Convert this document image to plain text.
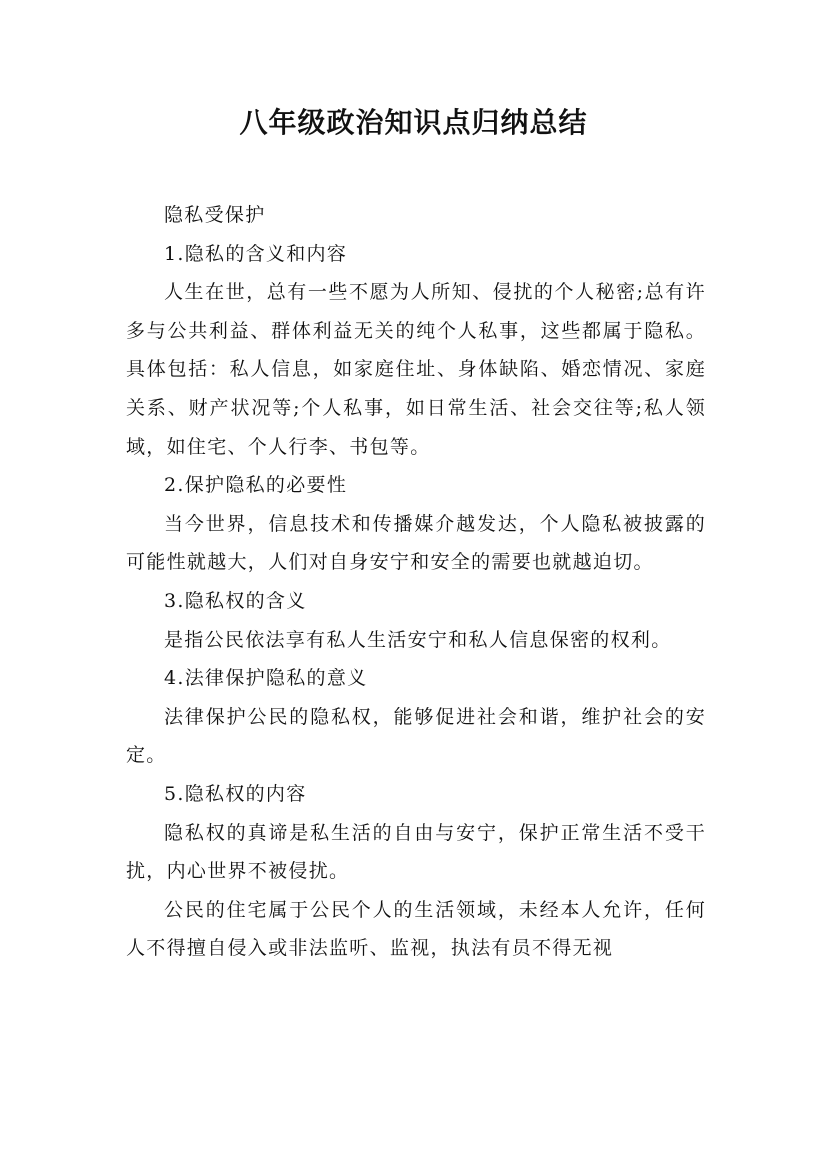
八年级政治知识点归纳总结

隐私受保护

1.隐私的含义和内容

人生在世，总有一些不愿为人所知、侵扰的个人秘密;总有许多与公共利益、群体利益无关的纯个人私事，这些都属于隐私。具体包括：私人信息，如家庭住址、身体缺陷、婚恋情况、家庭关系、财产状况等;个人私事，如日常生活、社会交往等;私人领域，如住宅、个人行李、书包等。

2.保护隐私的必要性

当今世界，信息技术和传播媒介越发达，个人隐私被披露的可能性就越大，人们对自身安宁和安全的需要也就越迫切。

3.隐私权的含义

是指公民依法享有私人生活安宁和私人信息保密的权利。

4.法律保护隐私的意义

法律保护公民的隐私权，能够促进社会和谐，维护社会的安定。

5.隐私权的内容

隐私权的真谛是私生活的自由与安宁，保护正常生活不受干扰，内心世界不被侵扰。

公民的住宅属于公民个人的生活领域，未经本人允许，任何人不得擅自侵入或非法监听、监视，执法有员不得无视
